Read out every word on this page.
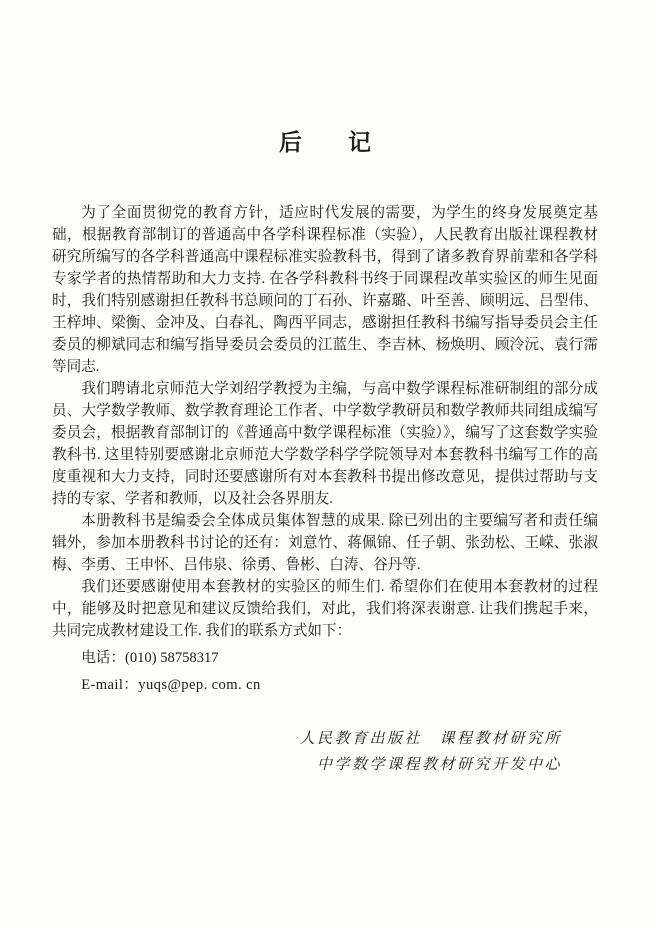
后　　记

为了全面贯彻党的教育方针，适应时代发展的需要，为学生的终身发展奠定基础，根据教育部制订的普通高中各学科课程标准（实验），人民教育出版社课程教材研究所编写的各学科普通高中课程标准实验教科书，得到了诸多教育界前辈和各学科专家学者的热情帮助和大力支持. 在各学科教科书终于同课程改革实验区的师生见面时，我们特别感谢担任教科书总顾问的丁石孙、许嘉璐、叶至善、顾明远、吕型伟、王梓坤、梁衡、金冲及、白春礼、陶西平同志，感谢担任教科书编写指导委员会主任委员的柳斌同志和编写指导委员会委员的江蓝生、李吉林、杨焕明、顾泠沅、袁行霈等同志.

我们聘请北京师范大学刘绍学教授为主编，与高中数学课程标准研制组的部分成员、大学数学教师、数学教育理论工作者、中学数学教研员和数学教师共同组成编写委员会，根据教育部制订的《普通高中数学课程标准（实验）》，编写了这套数学实验教科书. 这里特别要感谢北京师范大学数学科学学院领导对本套教科书编写工作的高度重视和大力支持，同时还要感谢所有对本套教科书提出修改意见，提供过帮助与支持的专家、学者和教师，以及社会各界朋友.

本册教科书是编委会全体成员集体智慧的成果. 除已列出的主要编写者和责任编辑外，参加本册教科书讨论的还有：刘意竹、蒋佩锦、任子朝、张劲松、王嵘、张淑梅、李勇、王申怀、吕伟泉、徐勇、鲁彬、白涛、谷丹等.

我们还要感谢使用本套教材的实验区的师生们. 希望你们在使用本套教材的过程中，能够及时把意见和建议反馈给我们，对此，我们将深表谢意. 让我们携起手来，共同完成教材建设工作. 我们的联系方式如下：

电话：(010) 58758317

E-mail：yuqs@pep. com. cn

人民教育出版社　课程教材研究所
中学数学课程教材研究开发中心
